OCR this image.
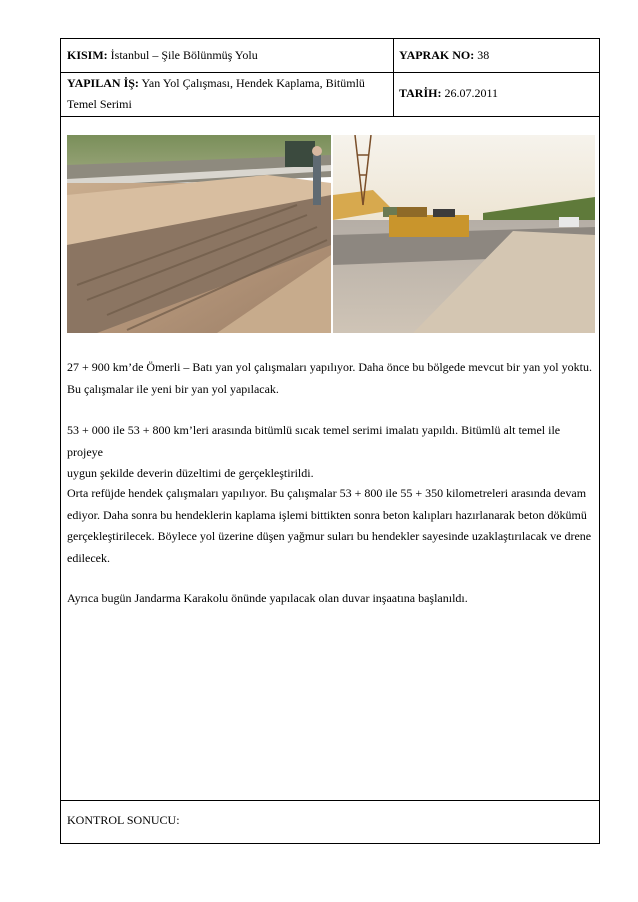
KISIM: İstanbul – Şile Bölünmüş Yolu	YAPRAK NO: 38
YAPILAN İŞ: Yan Yol Çalışması, Hendek Kaplama, Bitümlü
Temel Serimi
TARİH: 26.07.2011

27 + 900 km’de Ömerli – Batı yan yol çalışmaları yapılıyor. Daha önce bu bölgede mevcut bir yan yol yoktu.
Bu çalışmalar ile yeni bir yan yol yapılacak.

53 + 000 ile 53 + 800 km’leri arasında bitümlü sıcak temel serimi imalatı yapıldı. Bitümlü alt temel ile projeye
uygun şekilde deverin düzeltimi de gerçekleştirildi.

Orta refüjde hendek çalışmaları yapılıyor. Bu çalışmalar 53 + 800 ile 55 + 350 kilometreleri arasında devam
ediyor. Daha sonra bu hendeklerin kaplama işlemi bittikten sonra beton kalıpları hazırlanarak beton dökümü
gerçekleştirilecek. Böylece yol üzerine düşen yağmur suları bu hendekler sayesinde uzaklaştırılacak ve drene
edilecek.

Ayrıca bugün Jandarma Karakolu önünde yapılacak olan duvar inşaatına başlanıldı.

KONTROL SONUCU:
